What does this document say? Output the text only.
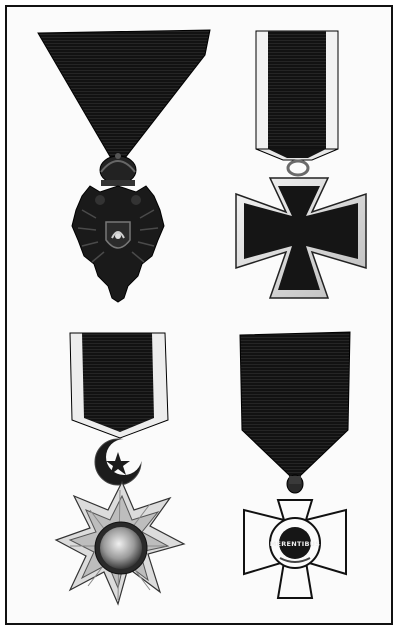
MERENTIBUS
